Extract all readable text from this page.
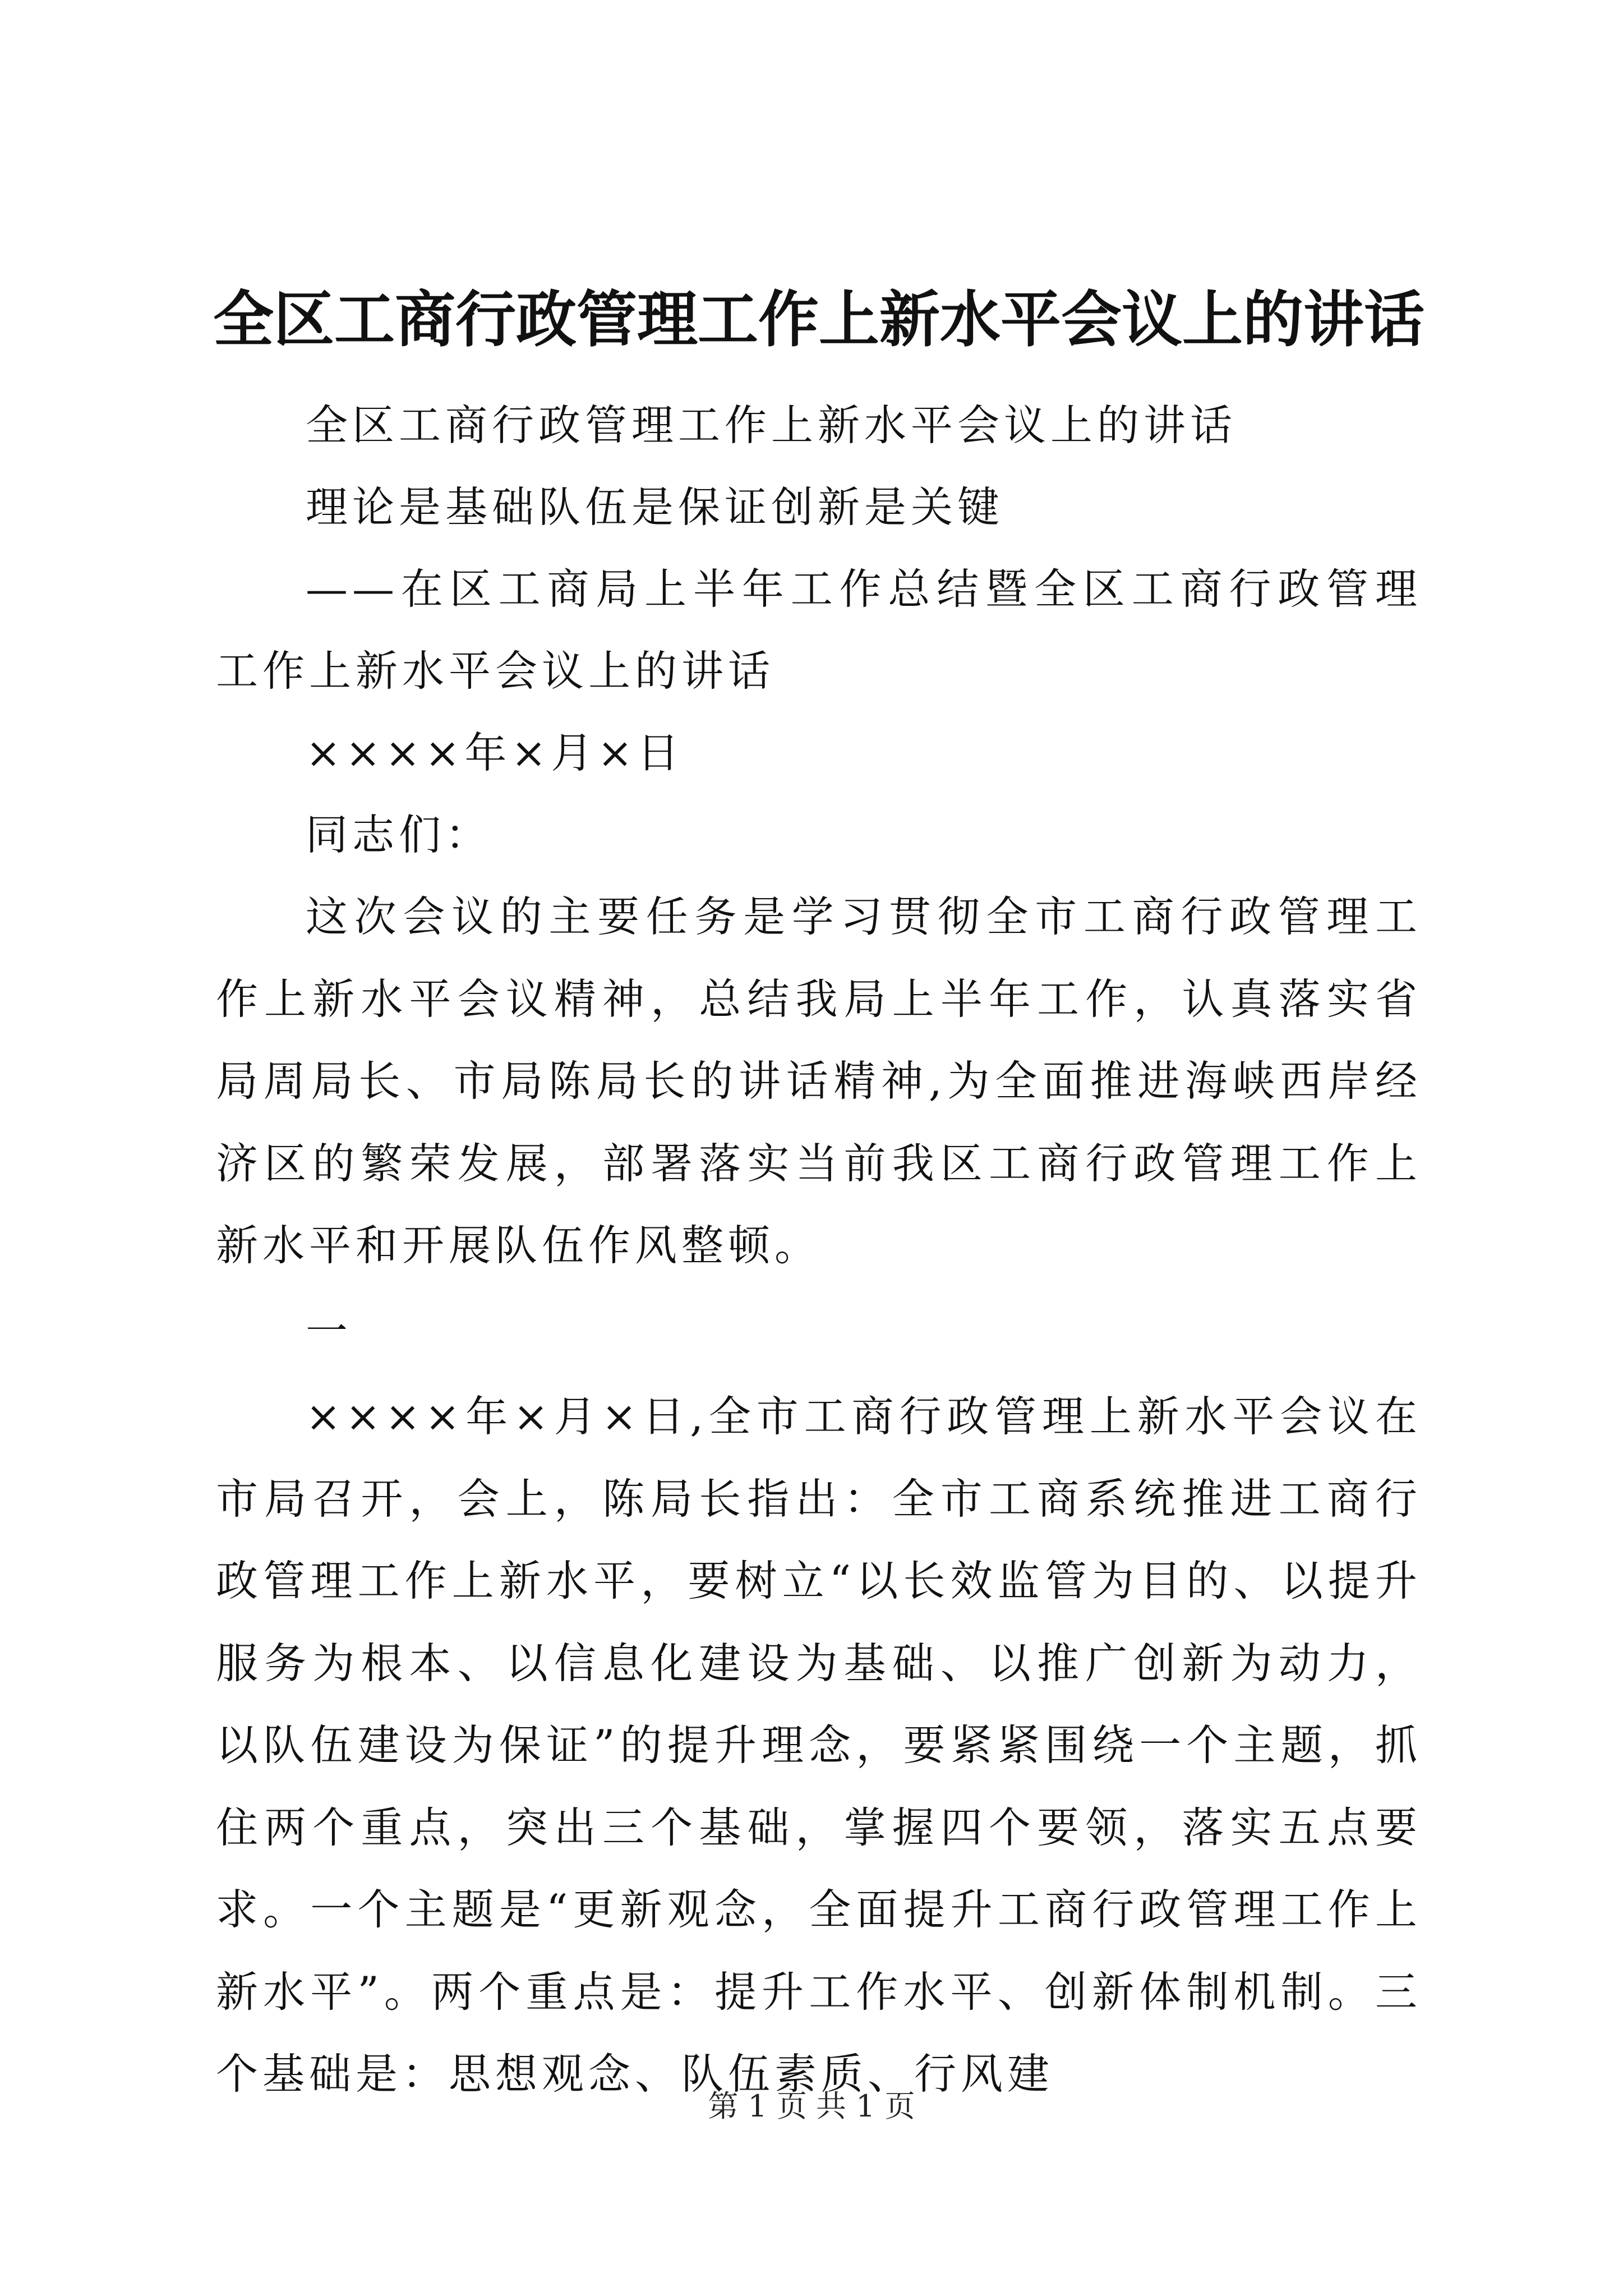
全区工商行政管理工作上新水平会议上的讲话

全区工商行政管理工作上新水平会议上的讲话

理论是基础队伍是保证创新是关键

——在区工商局上半年工作总结暨全区工商行政管理工作上新水平会议上的讲话

××××年×月×日

同志们：

这次会议的主要任务是学习贯彻全市工商行政管理工作上新水平会议精神，总结我局上半年工作，认真落实省局周局长、市局陈局长的讲话精神,为全面推进海峡西岸经济区的繁荣发展，部署落实当前我区工商行政管理工作上新水平和开展队伍作风整顿。

一

××××年×月×日,全市工商行政管理上新水平会议在市局召开，会上，陈局长指出：全市工商系统推进工商行政管理工作上新水平，要树立“以长效监管为目的、以提升服务为根本、以信息化建设为基础、以推广创新为动力，以队伍建设为保证”的提升理念，要紧紧围绕一个主题，抓住两个重点，突出三个基础，掌握四个要领，落实五点要求。一个主题是“更新观念，全面提升工商行政管理工作上新水平”。两个重点是：提升工作水平、创新体制机制。三个基础是：思想观念、队伍素质、行风建

第 1 页 共 1 页
